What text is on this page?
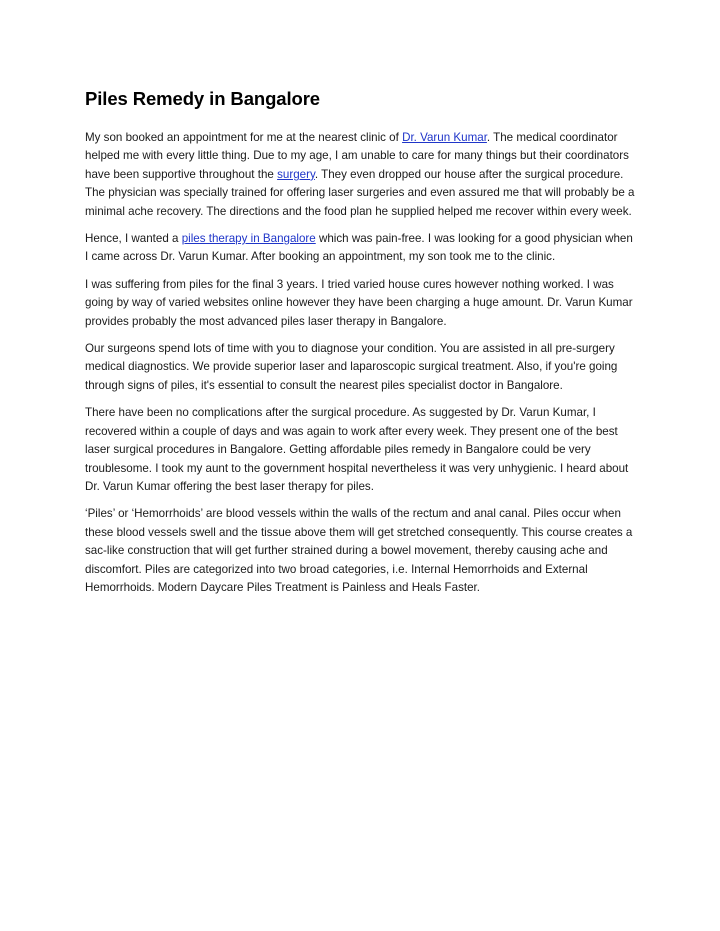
Piles Remedy in Bangalore

My son booked an appointment for me at the nearest clinic of Dr. Varun Kumar. The medical coordinator helped me with every little thing. Due to my age, I am unable to care for many things but their coordinators have been supportive throughout the surgery. They even dropped our house after the surgical procedure. The physician was specially trained for offering laser surgeries and even assured me that will probably be a minimal ache recovery. The directions and the food plan he supplied helped me recover within every week.

Hence, I wanted a piles therapy in Bangalore which was pain-free. I was looking for a good physician when I came across Dr. Varun Kumar. After booking an appointment, my son took me to the clinic.

I was suffering from piles for the final 3 years. I tried varied house cures however nothing worked. I was going by way of varied websites online however they have been charging a huge amount. Dr. Varun Kumar provides probably the most advanced piles laser therapy in Bangalore.

Our surgeons spend lots of time with you to diagnose your condition. You are assisted in all pre-surgery medical diagnostics. We provide superior laser and laparoscopic surgical treatment. Also, if you're going through signs of piles, it's essential to consult the nearest piles specialist doctor in Bangalore.

There have been no complications after the surgical procedure. As suggested by Dr. Varun Kumar, I recovered within a couple of days and was again to work after every week. They present one of the best laser surgical procedures in Bangalore. Getting affordable piles remedy in Bangalore could be very troublesome. I took my aunt to the government hospital nevertheless it was very unhygienic. I heard about Dr. Varun Kumar offering the best laser therapy for piles.

‘Piles’ or ‘Hemorrhoids’ are blood vessels within the walls of the rectum and anal canal. Piles occur when these blood vessels swell and the tissue above them will get stretched consequently. This course creates a sac-like construction that will get further strained during a bowel movement, thereby causing ache and discomfort. Piles are categorized into two broad categories, i.e. Internal Hemorrhoids and External Hemorrhoids. Modern Daycare Piles Treatment is Painless and Heals Faster.
